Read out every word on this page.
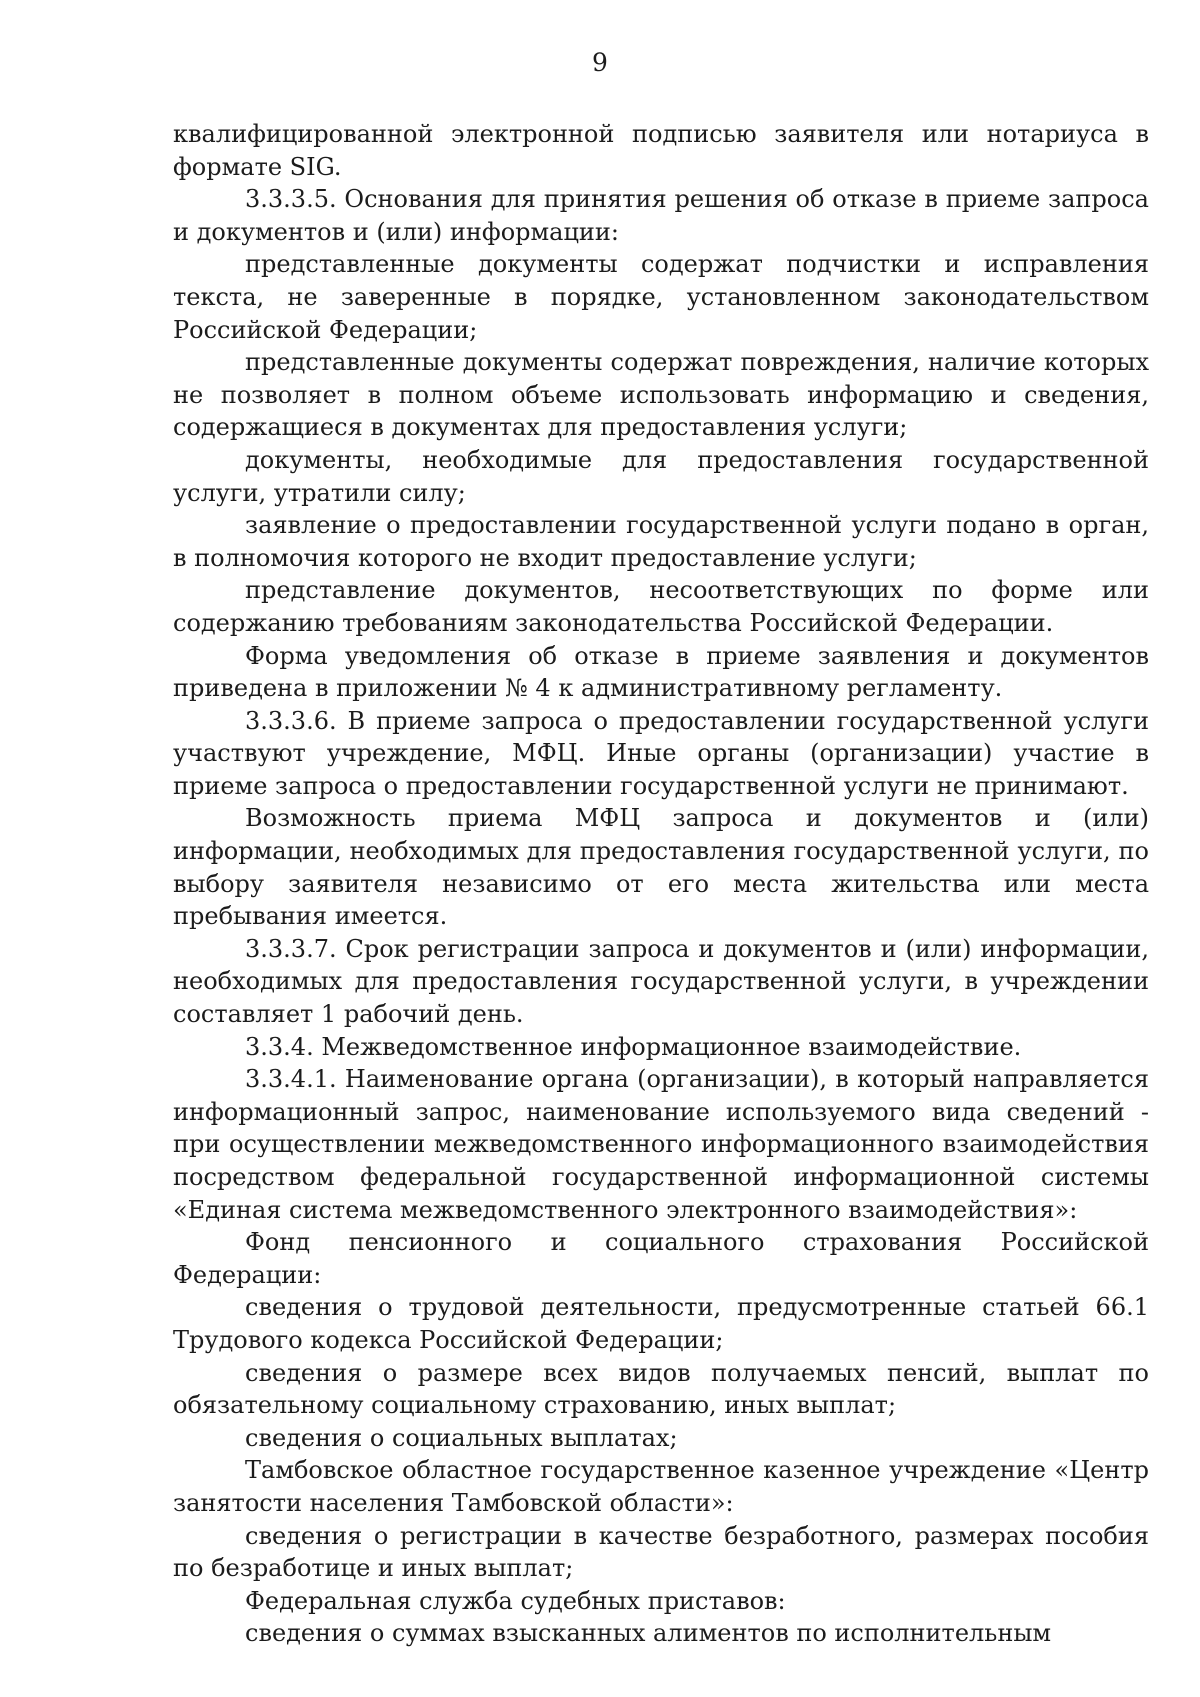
9

квалифицированной электронной подписью заявителя или нотариуса в формате SIG.

3.3.3.5. Основания для принятия решения об отказе в приеме запроса и документов и (или) информации:

представленные документы содержат подчистки и исправления текста, не заверенные в порядке, установленном законодательством Российской Федерации;

представленные документы содержат повреждения, наличие которых не позволяет в полном объеме использовать информацию и сведения, содержащиеся в документах для предоставления услуги;

документы, необходимые для предоставления государственной услуги, утратили силу;

заявление о предоставлении государственной услуги подано в орган, в полномочия которого не входит предоставление услуги;

представление документов, несоответствующих по форме или содержанию требованиям законодательства Российской Федерации.

Форма уведомления об отказе в приеме заявления и документов приведена в приложении № 4 к административному регламенту.

3.3.3.6. В приеме запроса о предоставлении государственной услуги участвуют учреждение, МФЦ. Иные органы (организации) участие в приеме запроса о предоставлении государственной услуги не принимают.

Возможность приема МФЦ запроса и документов и (или) информации, необходимых для предоставления государственной услуги, по выбору заявителя независимо от его места жительства или места пребывания имеется.

3.3.3.7. Срок регистрации запроса и документов и (или) информации, необходимых для предоставления государственной услуги, в учреждении составляет 1 рабочий день.

3.3.4. Межведомственное информационное взаимодействие.

3.3.4.1. Наименование органа (организации), в который направляется информационный запрос, наименование используемого вида сведений - при осуществлении межведомственного информационного взаимодействия посредством федеральной государственной информационной системы «Единая система межведомственного электронного взаимодействия»:

Фонд пенсионного и социального страхования Российской Федерации:

сведения о трудовой деятельности, предусмотренные статьей 66.1 Трудового кодекса Российской Федерации;

сведения о размере всех видов получаемых пенсий, выплат по обязательному социальному страхованию, иных выплат;

сведения о социальных выплатах;

Тамбовское областное государственное казенное учреждение «Центр занятости населения Тамбовской области»:

сведения о регистрации в качестве безработного, размерах пособия по безработице и иных выплат;

Федеральная служба судебных приставов:

сведения о суммах взысканных алиментов по исполнительным
